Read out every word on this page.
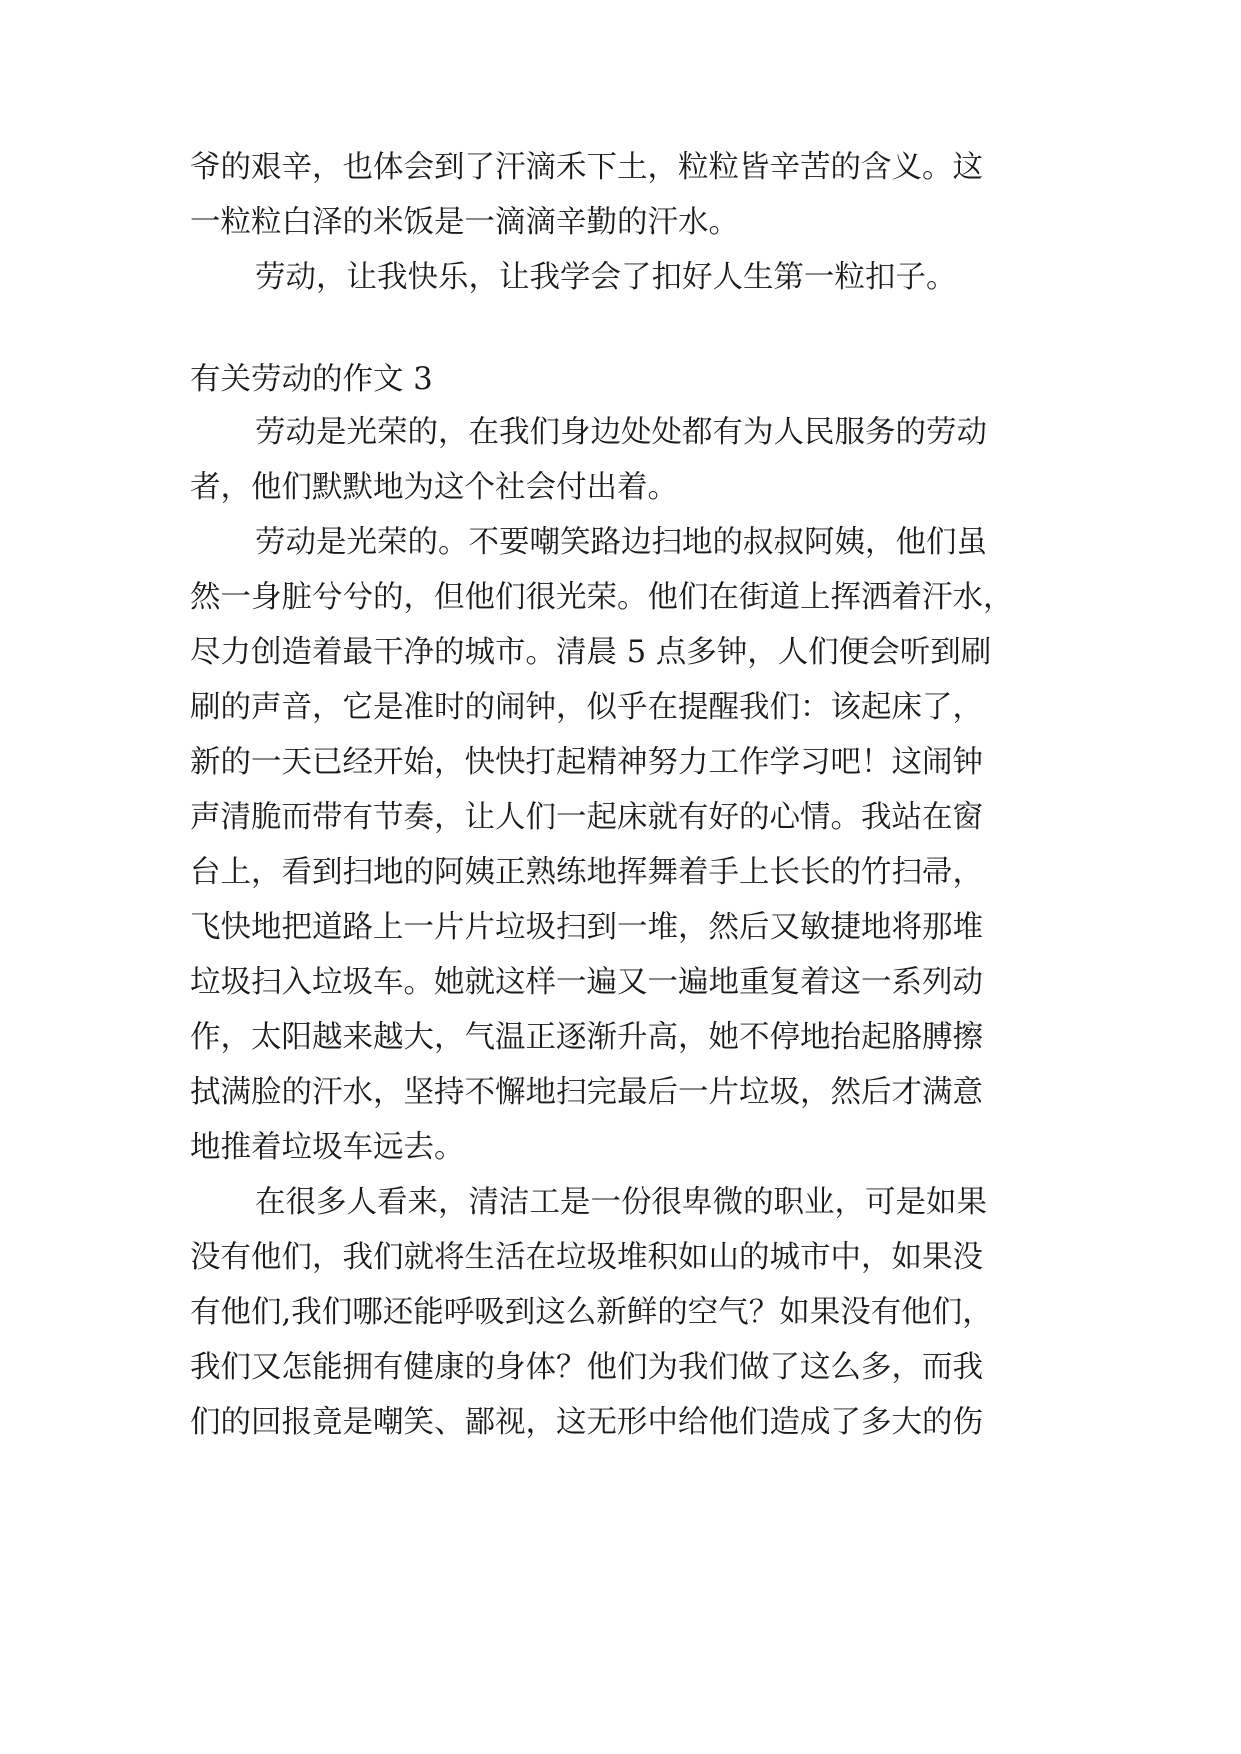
爷的艰辛，也体会到了汗滴禾下土，粒粒皆辛苦的含义。这
一粒粒白泽的米饭是一滴滴辛勤的汗水。
劳动，让我快乐，让我学会了扣好人生第一粒扣子。
有关劳动的作文 3
劳动是光荣的，在我们身边处处都有为人民服务的劳动
者，他们默默地为这个社会付出着。
劳动是光荣的。不要嘲笑路边扫地的叔叔阿姨，他们虽
然一身脏兮兮的，但他们很光荣。他们在街道上挥洒着汗水，
尽力创造着最干净的城市。清晨 5 点多钟，人们便会听到刷
刷的声音，它是准时的闹钟，似乎在提醒我们：该起床了，
新的一天已经开始，快快打起精神努力工作学习吧！这闹钟
声清脆而带有节奏，让人们一起床就有好的心情。我站在窗
台上，看到扫地的阿姨正熟练地挥舞着手上长长的竹扫帚，
飞快地把道路上一片片垃圾扫到一堆，然后又敏捷地将那堆
垃圾扫入垃圾车。她就这样一遍又一遍地重复着这一系列动
作，太阳越来越大，气温正逐渐升高，她不停地抬起胳膊擦
拭满脸的汗水，坚持不懈地扫完最后一片垃圾，然后才满意
地推着垃圾车远去。
在很多人看来，清洁工是一份很卑微的职业，可是如果
没有他们，我们就将生活在垃圾堆积如山的城市中，如果没
有他们,我们哪还能呼吸到这么新鲜的空气？如果没有他们，
我们又怎能拥有健康的身体？他们为我们做了这么多，而我
们的回报竟是嘲笑、鄙视，这无形中给他们造成了多大的伤
